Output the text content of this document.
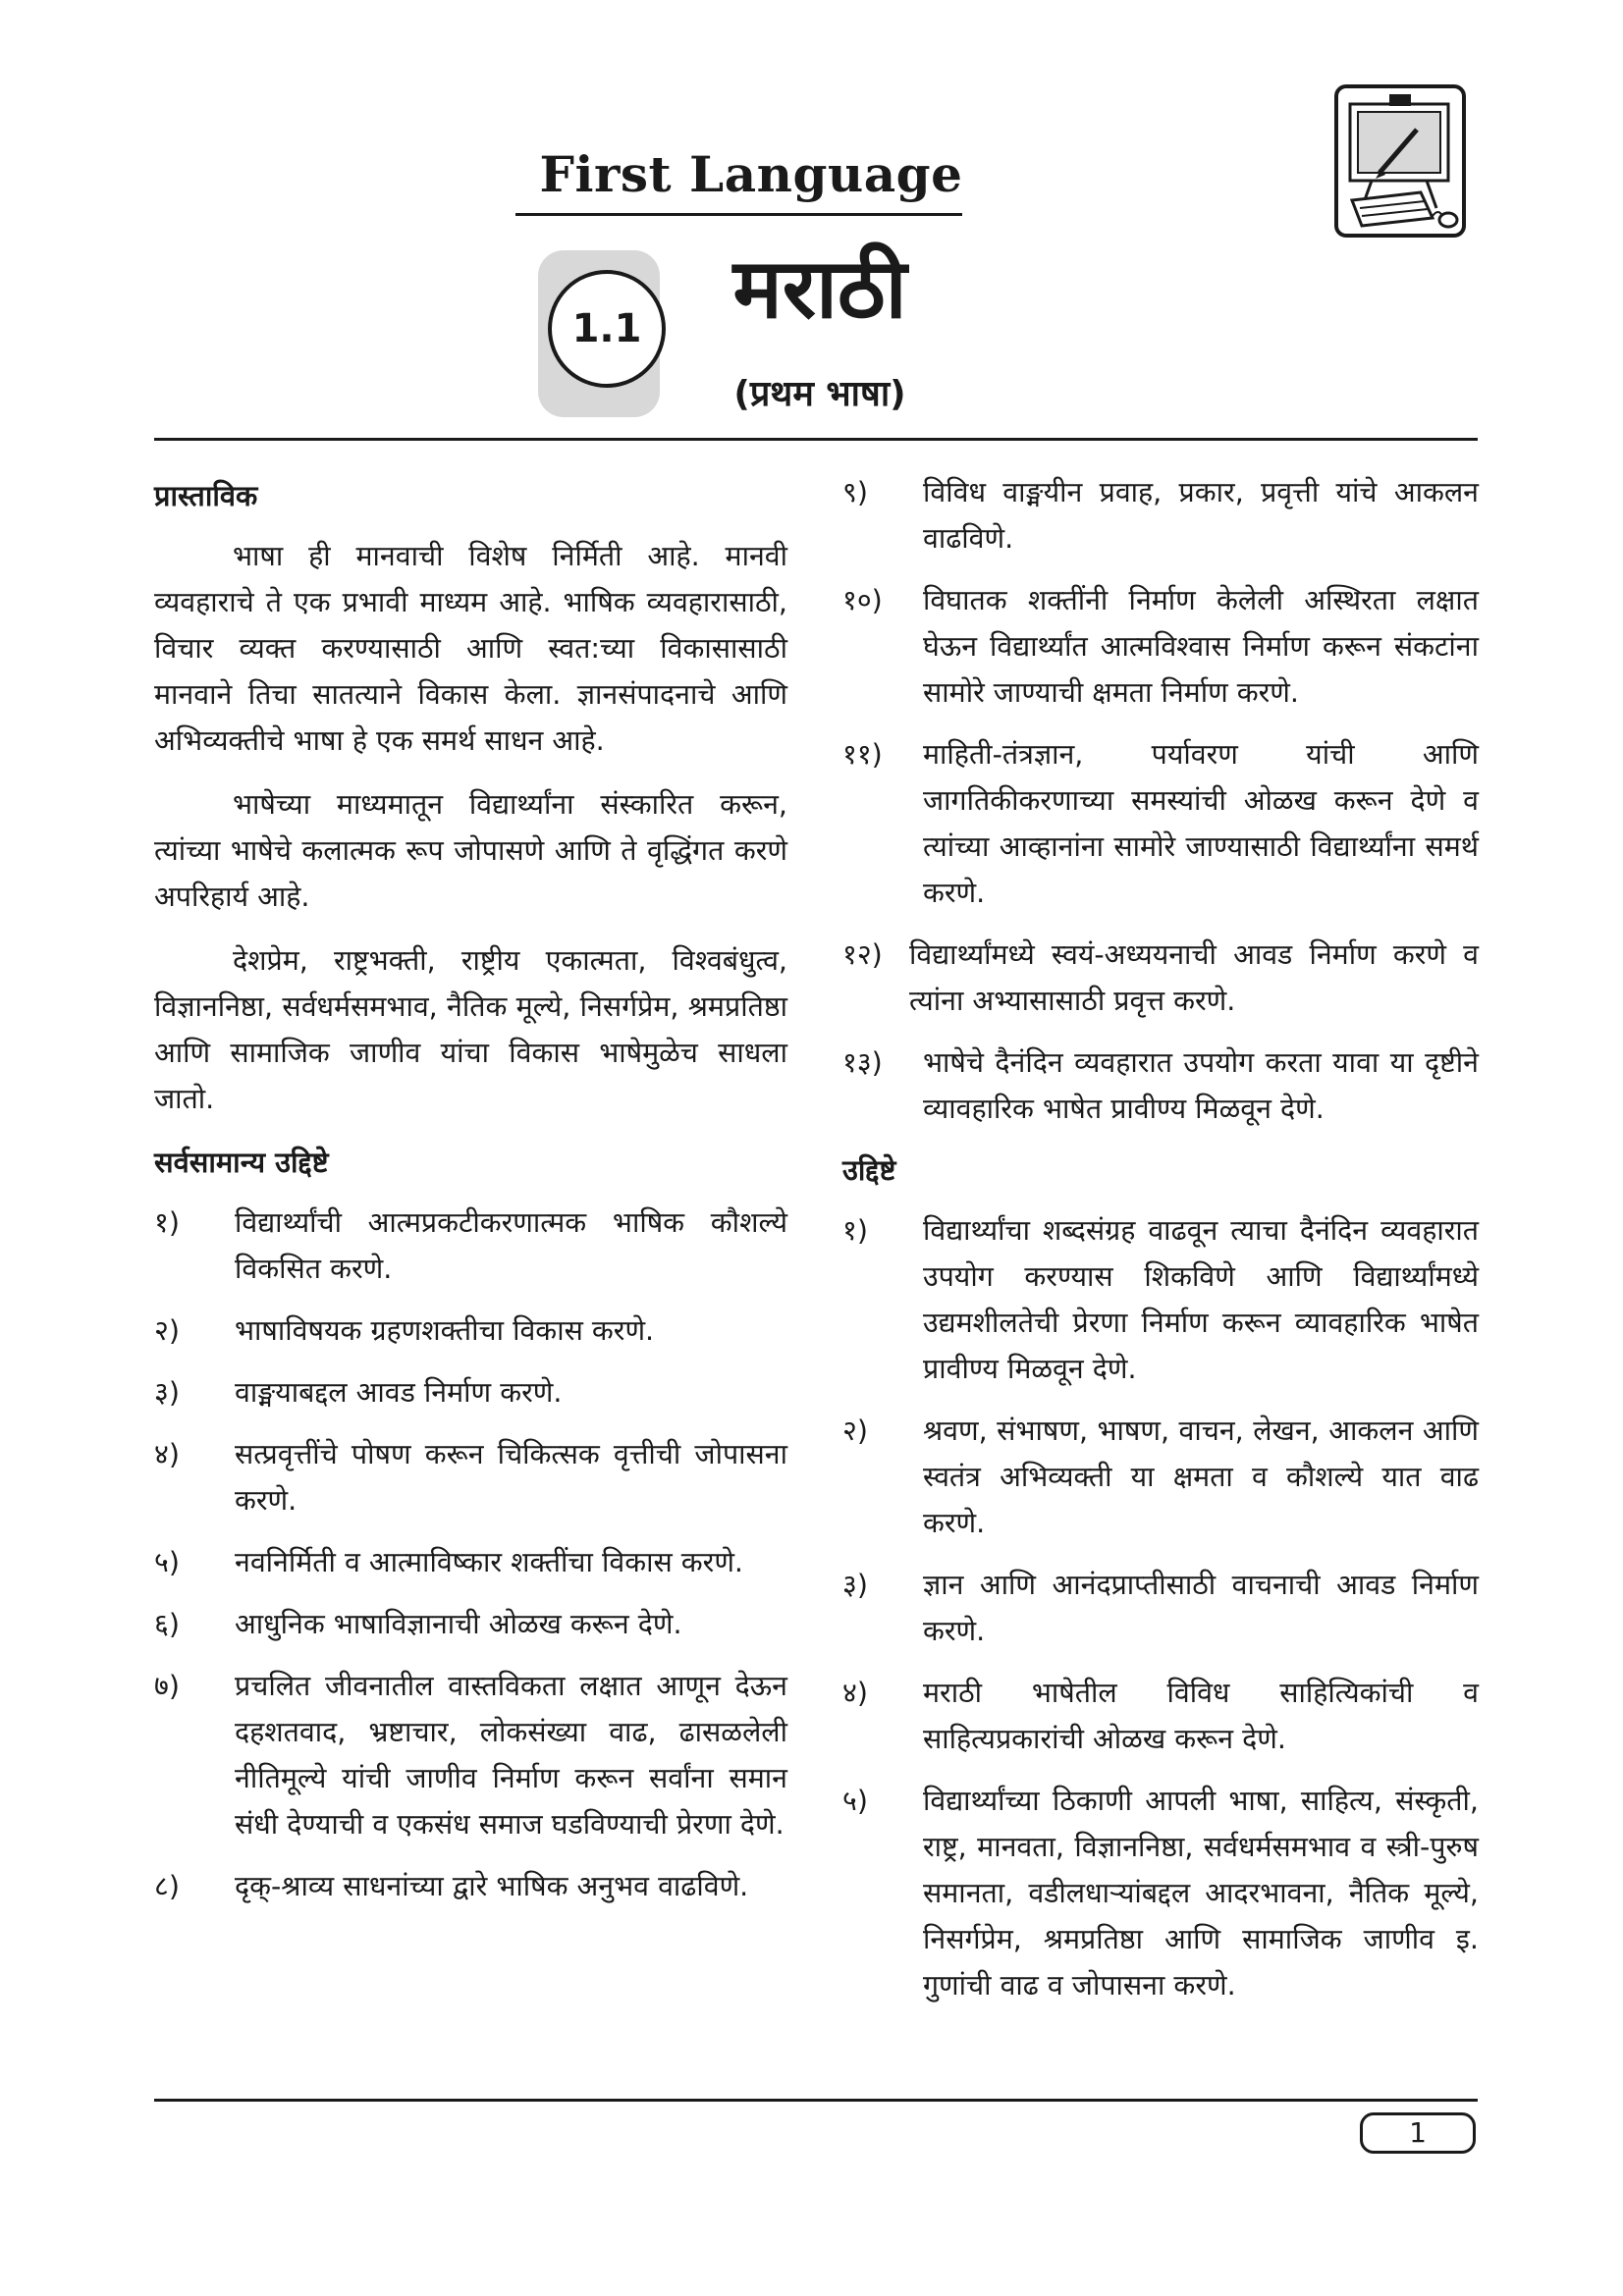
First Language
1.1	मराठी
(प्रथम भाषा)
प्रास्ताविक

भाषा ही मानवाची विशेष निर्मिती आहे. मानवी व्यवहाराचे ते एक प्रभावी माध्यम आहे. भाषिक व्यवहारासाठी, विचार व्यक्त करण्यासाठी आणि स्वत:च्या विकासासाठी मानवाने तिचा सातत्याने विकास केला. ज्ञानसंपादनाचे आणि अभिव्यक्तीचे भाषा हे एक समर्थ साधन आहे.

भाषेच्या माध्यमातून विद्यार्थ्यांना संस्कारित करून, त्यांच्या भाषेचे कलात्मक रूप जोपासणे आणि ते वृद्धिंगत करणे अपरिहार्य आहे.

देशप्रेम, राष्ट्रभक्ती, राष्ट्रीय एकात्मता, विश्वबंधुत्व, विज्ञाननिष्ठा, सर्वधर्मसमभाव, नैतिक मूल्ये, निसर्गप्रेम, श्रमप्रतिष्ठा आणि सामाजिक जाणीव यांचा विकास भाषेमुळेच साधला जातो.

सर्वसामान्य उद्दिष्टे
१)	विद्यार्थ्यांची आत्मप्रकटीकरणात्मक भाषिक कौशल्ये विकसित करणे.
२)	भाषाविषयक ग्रहणशक्तीचा विकास करणे.
३)	वाङ्मयाबद्दल आवड निर्माण करणे.
४)	सत्प्रवृत्तींचे पोषण करून चिकित्सक वृत्तीची जोपासना करणे.
५)	नवनिर्मिती व आत्माविष्कार शक्तींचा विकास करणे.
६)	आधुनिक भाषाविज्ञानाची ओळख करून देणे.
७)	प्रचलित जीवनातील वास्तविकता लक्षात आणून देऊन दहशतवाद, भ्रष्टाचार, लोकसंख्या वाढ, ढासळलेली नीतिमूल्ये यांची जाणीव निर्माण करून सर्वांना समान संधी देण्याची व एकसंध समाज घडविण्याची प्रेरणा देणे.
८)	दृक्-श्राव्य साधनांच्या द्वारे भाषिक अनुभव वाढविणे.
९)	विविध वाङ्मयीन प्रवाह, प्रकार, प्रवृत्ती यांचे आकलन वाढविणे.
१०)	विघातक शक्तींनी निर्माण केलेली अस्थिरता लक्षात घेऊन विद्यार्थ्यांत आत्मविश्वास निर्माण करून संकटांना सामोरे जाण्याची क्षमता निर्माण करणे.
११)	माहिती-तंत्रज्ञान, पर्यावरण यांची आणि जागतिकीकरणाच्या समस्यांची ओळख करून देणे व त्यांच्या आव्हानांना सामोरे जाण्यासाठी विद्यार्थ्यांना समर्थ करणे.
१२) विद्यार्थ्यांमध्ये स्वयं-अध्ययनाची आवड निर्माण करणे व त्यांना अभ्यासासाठी प्रवृत्त करणे.
१३)	भाषेचे दैनंदिन व्यवहारात उपयोग करता यावा या दृष्टीने व्यावहारिक भाषेत प्रावीण्य मिळवून देणे.
उद्दिष्टे
१)	विद्यार्थ्यांचा शब्दसंग्रह वाढवून त्याचा दैनंदिन व्यवहारात उपयोग करण्यास शिकविणे आणि विद्यार्थ्यांमध्ये उद्यमशीलतेची प्रेरणा निर्माण करून व्यावहारिक भाषेत प्रावीण्य मिळवून देणे.
२)	श्रवण, संभाषण, भाषण, वाचन, लेखन, आकलन आणि स्वतंत्र अभिव्यक्ती या क्षमता व कौशल्ये यात वाढ करणे.
३)	ज्ञान आणि आनंदप्राप्तीसाठी वाचनाची आवड निर्माण करणे.
४)	मराठी भाषेतील विविध साहित्यिकांची व साहित्यप्रकारांची ओळख करून देणे.
५)	विद्यार्थ्यांच्या ठिकाणी आपली भाषा, साहित्य, संस्कृती, राष्ट्र, मानवता, विज्ञाननिष्ठा, सर्वधर्मसमभाव व स्त्री-पुरुष समानता, वडीलधाऱ्यांबद्दल आदरभावना, नैतिक मूल्ये, निसर्गप्रेम, श्रमप्रतिष्ठा आणि सामाजिक जाणीव इ. गुणांची वाढ व जोपासना करणे.
1
